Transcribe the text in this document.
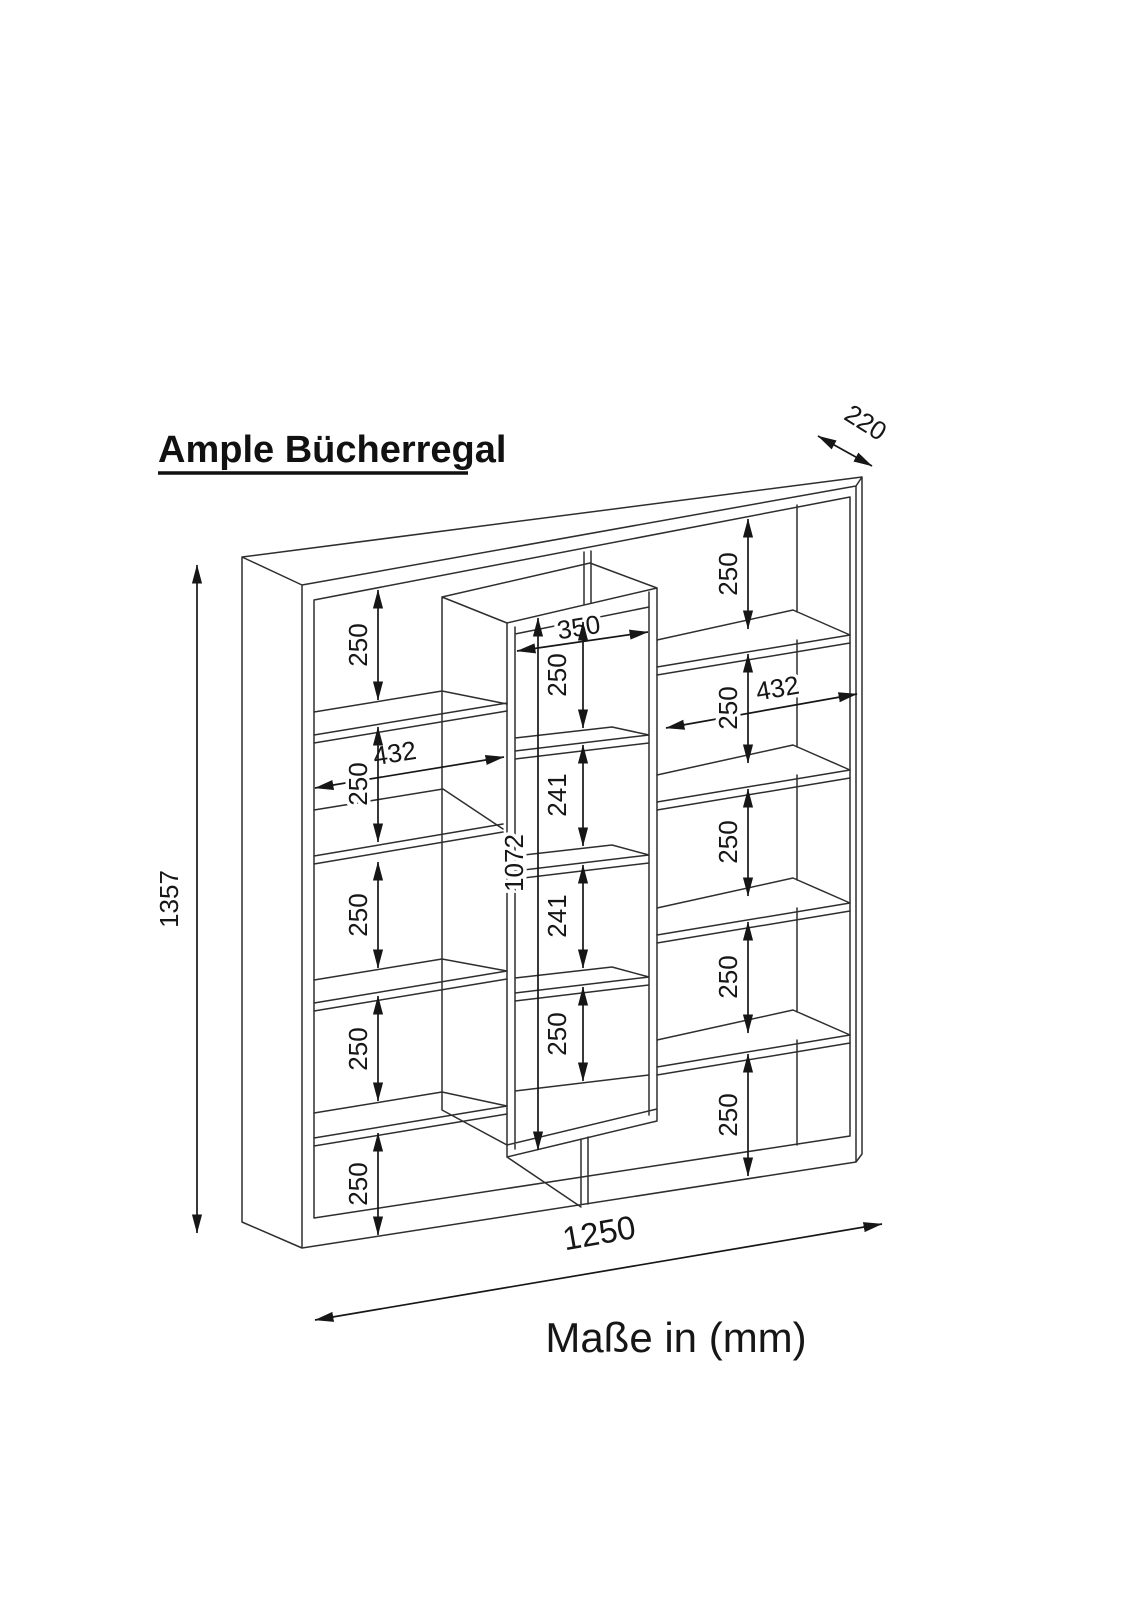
Ample Bücherregal
1357
220
1250
350
1072
432
432
250
250
250
250
250
250
241
241
250
250
250
250
250
250
Maße in (mm)
